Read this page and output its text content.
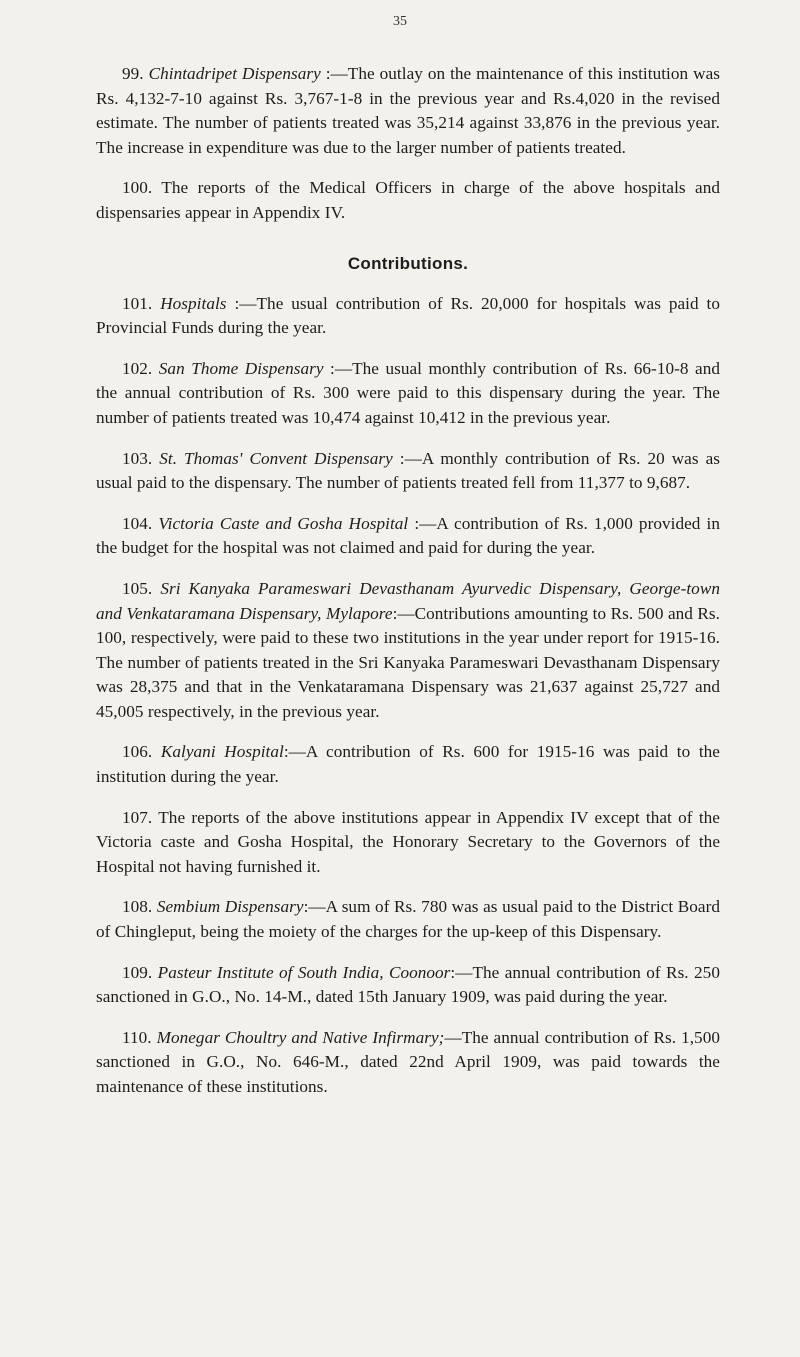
35

99. Chintadripet Dispensary :—The outlay on the maintenance of this institution was Rs. 4,132-7-10 against Rs. 3,767-1-8 in the previous year and Rs.4,020 in the revised estimate. The number of patients treated was 35,214 against 33,876 in the previous year. The increase in expenditure was due to the larger number of patients treated.

100. The reports of the Medical Officers in charge of the above hospitals and dispensaries appear in Appendix IV.

Contributions.

101. Hospitals :—The usual contribution of Rs. 20,000 for hospitals was paid to Provincial Funds during the year.

102. San Thome Dispensary :—The usual monthly contribution of Rs. 66-10-8 and the annual contribution of Rs. 300 were paid to this dispensary during the year. The number of patients treated was 10,474 against 10,412 in the previous year.

103. St. Thomas' Convent Dispensary :—A monthly contribution of Rs. 20 was as usual paid to the dispensary. The number of patients treated fell from 11,377 to 9,687.

104. Victoria Caste and Gosha Hospital :—A contribution of Rs. 1,000 provided in the budget for the hospital was not claimed and paid for during the year.

105. Sri Kanyaka Parameswari Devasthanam Ayurvedic Dispensary, George-town and Venkataramana Dispensary, Mylapore:—Contributions amounting to Rs. 500 and Rs. 100, respectively, were paid to these two institutions in the year under report for 1915-16. The number of patients treated in the Sri Kanyaka Parameswari Devasthanam Dispensary was 28,375 and that in the Venkataramana Dispensary was 21,637 against 25,727 and 45,005 respectively, in the previous year.

106. Kalyani Hospital:—A contribution of Rs. 600 for 1915-16 was paid to the institution during the year.

107. The reports of the above institutions appear in Appendix IV except that of the Victoria caste and Gosha Hospital, the Honorary Secretary to the Governors of the Hospital not having furnished it.

108. Sembium Dispensary:—A sum of Rs. 780 was as usual paid to the District Board of Chingleput, being the moiety of the charges for the up-keep of this Dispensary.

109. Pasteur Institute of South India, Coonoor:—The annual contribution of Rs. 250 sanctioned in G.O., No. 14-M., dated 15th January 1909, was paid during the year.

110. Monegar Choultry and Native Infirmary;—The annual contribution of Rs. 1,500 sanctioned in G.O., No. 646-M., dated 22nd April 1909, was paid towards the maintenance of these institutions.
